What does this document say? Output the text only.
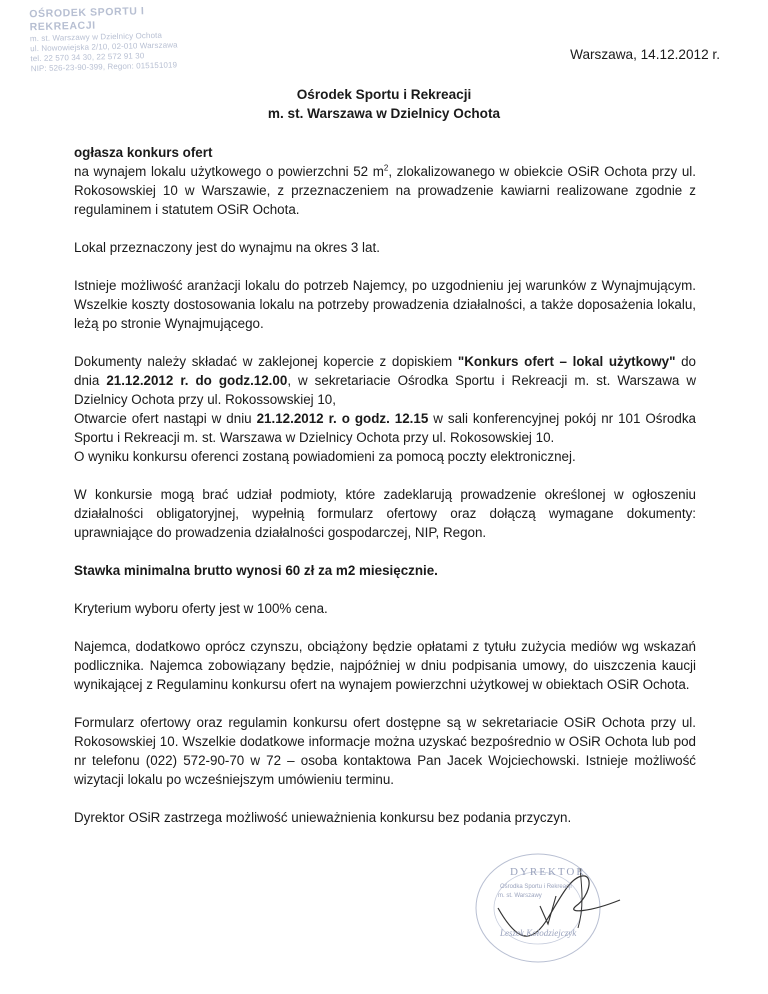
OŚRODEK SPORTU I REKREACJI
m. st. Warszawy w Dzielnicy Ochota
ul. Nowowiejska 2/10, 02-010 Warszawa
tel. 22 570 34 30, 22 572 91 30
NIP: 526-23-90-399, Regon: 015151019
Warszawa, 14.12.2012 r.
Ośrodek Sportu i Rekreacji
m. st. Warszawa w Dzielnicy Ochota

ogłasza konkurs ofert

na wynajem lokalu użytkowego o powierzchni 52 $m^2$, zlokalizowanego w obiekcie OSiR Ochota przy ul. Rokosowskiej 10 w Warszawie, z przeznaczeniem na prowadzenie kawiarni realizowane zgodnie z regulaminem i statutem OSiR Ochota.

Lokal przeznaczony jest do wynajmu na okres 3 lat.

Istnieje możliwość aranżacji lokalu do potrzeb Najemcy, po uzgodnieniu jej warunków z Wynajmującym. Wszelkie koszty dostosowania lokalu na potrzeby prowadzenia działalności, a także doposażenia lokalu, leżą po stronie Wynajmującego.

Dokumenty należy składać w zaklejonej kopercie z dopiskiem "Konkurs ofert – lokal użytkowy" do dnia 21.12.2012 r. do godz.12.00, w sekretariacie Ośrodka Sportu i Rekreacji m. st. Warszawa w Dzielnicy Ochota przy ul. Rokossowskiej 10,

Otwarcie ofert nastąpi w dniu 21.12.2012 r. o godz. 12.15 w sali konferencyjnej pokój nr 101 Ośrodka Sportu i Rekreacji m. st. Warszawa w Dzielnicy Ochota przy ul. Rokosowskiej 10.

O wyniku konkursu oferenci zostaną powiadomieni za pomocą poczty elektronicznej.

W konkursie mogą brać udział podmioty, które zadeklarują prowadzenie określonej w ogłoszeniu działalności obligatoryjnej, wypełnią formularz ofertowy oraz dołączą wymagane dokumenty: uprawniające do prowadzenia działalności gospodarczej, NIP, Regon.

Stawka minimalna brutto wynosi 60 zł za m2 miesięcznie.

Kryterium wyboru oferty jest w 100% cena.

Najemca, dodatkowo oprócz czynszu, obciążony będzie opłatami z tytułu zużycia mediów wg wskazań podlicznika. Najemca zobowiązany będzie, najpóźniej w dniu podpisania umowy, do uiszczenia kaucji wynikającej z Regulaminu konkursu ofert na wynajem powierzchni użytkowej w obiektach OSiR Ochota.

Formularz ofertowy oraz regulamin konkursu ofert dostępne są w sekretariacie OSiR Ochota przy ul. Rokosowskiej 10. Wszelkie dodatkowe informacje można uzyskać bezpośrednio w OSiR Ochota lub pod nr telefonu (022) 572-90-70 w 72 – osoba kontaktowa Pan Jacek Wojciechowski. Istnieje możliwość wizytacji lokalu po wcześniejszym umówieniu terminu.

Dyrektor OSiR zastrzega możliwość unieważnienia konkursu bez podania przyczyn.

DYREKTOR
Ośrodka Sportu i Rekreacji
m. st. Warszawy
Leszek Kołodziejczyk
